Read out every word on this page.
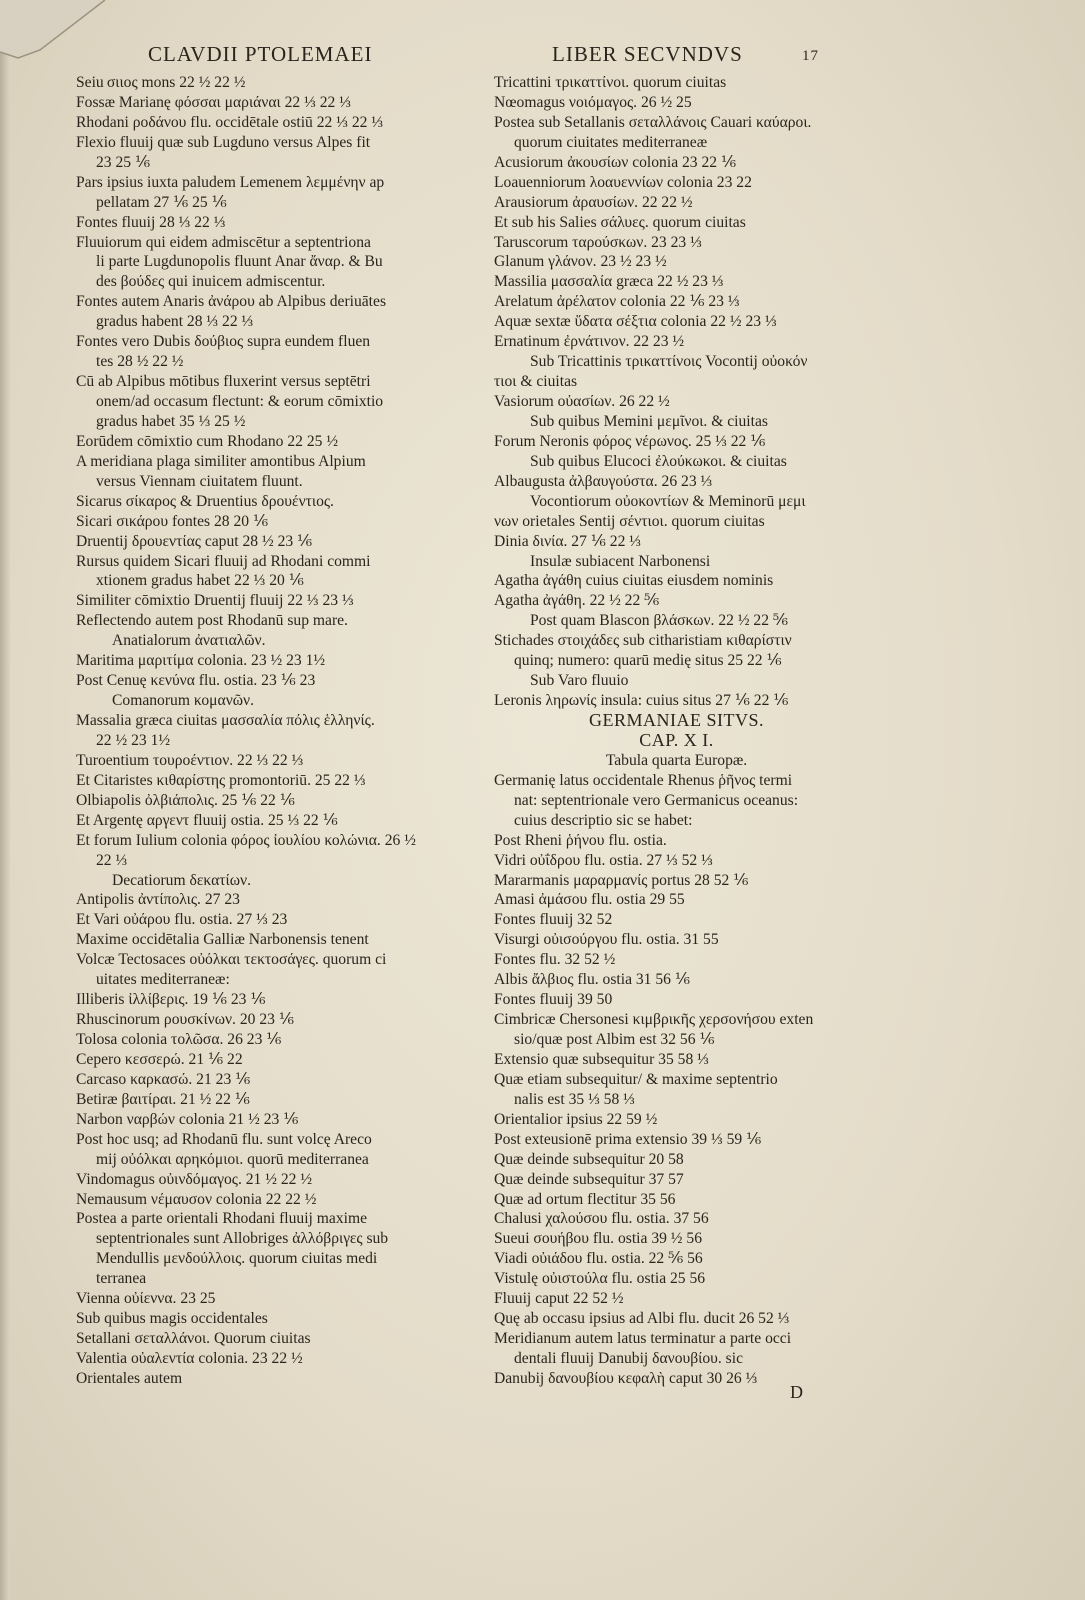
CLAVDII PTOLEMAEI	LIBER SECVNDVS	17
Seiu σιιος mons 22 ½ 22 ½
Fossæ Marianę φόσσαι μαριάναι 22 ⅓ 22 ⅓
Rhodani ροδάνου flu. occidētale ostiū 22 ⅓ 22 ⅓
Flexio fluuij quæ sub Lugduno versus Alpes fit
23 25 ⅙
Pars ipsius iuxta paludem Lemenem λεμμένην ap
pellatam 27 ⅙ 25 ⅙
Fontes fluuij 28 ⅓ 22 ⅓
Fluuiorum qui eidem admiscētur a septentriona
li parte Lugdunopolis fluunt Anar ἄναρ. & Bu
des βούδες qui inuicem admiscentur.
Fontes autem Anaris ἀνάρου ab Alpibus deriuātes
gradus habent 28 ⅓ 22 ⅓
Fontes vero Dubis δούβιος supra eundem fluen
tes 28 ½ 22 ½
Cū ab Alpibus mōtibus fluxerint versus septētri
onem/ad occasum flectunt: & eorum cōmixtio
gradus habet 35 ⅓ 25 ½
Eorūdem cōmixtio cum Rhodano 22 25 ½
A meridiana plaga similiter amontibus Alpium
versus Viennam ciuitatem fluunt.
Sicarus σίκαρος & Druentius δρουέντιος.
Sicari σικάρου fontes 28 20 ⅙
Druentij δρουεντίας caput 28 ½ 23 ⅙
Rursus quidem Sicari fluuij ad Rhodani commi
xtionem gradus habet 22 ⅓ 20 ⅙
Similiter cōmixtio Druentij fluuij 22 ⅓ 23 ⅓
Reflectendo autem post Rhodanū sup mare.
Anatialorum ἀνατιαλῶν.
Maritima μαριτίμα colonia. 23 ½ 23 1½
Post Cenuę κενύνα flu. ostia. 23 ⅙ 23
Comanorum κομανῶν.
Massalia græca ciuitas μασσαλία πόλις ἑλληνίς.
22 ½ 23 1½
Turoentium τουροέντιον. 22 ⅓ 22 ⅓
Et Citaristes κιθαρίστης promontoriū. 25 22 ⅓
Olbiapolis ὀλβιάπολις. 25 ⅙ 22 ⅙
Et Argentę αργεντ fluuij ostia. 25 ⅓ 22 ⅙
Et forum Iulium colonia φόρος ἰουλίου κολώνια. 26 ½
22 ⅓
Decatiorum δεκατίων.
Antipolis ἀντίπολις. 27 23
Et Vari οὐάρου flu. ostia. 27 ⅓ 23
Maxime occidētalia Galliæ Narbonensis tenent
Volcæ Tectosaces οὐόλκαι τεκτοσάγες. quorum ci
uitates mediterraneæ:
Illiberis ἰλλίβερις. 19 ⅙ 23 ⅙
Rhuscinorum ρουσκίνων. 20 23 ⅙
Tolosa colonia τολῶσα. 26 23 ⅙
Cepero κεσσερώ. 21 ⅙ 22
Carcaso καρκασώ. 21 23 ⅙
Betiræ βαιτίραι. 21 ½ 22 ⅙
Narbon ναρβών colonia 21 ½ 23 ⅙
Post hoc usq; ad Rhodanū flu. sunt volcę Areco
mij οὐόλκαι αρηκόμιοι. quorū mediterranea
Vindomagus οὐινδόμαγος. 21 ½ 22 ½
Nemausum νέμαυσον colonia 22 22 ½
Postea a parte orientali Rhodani fluuij maxime
septentrionales sunt Allobriges ἀλλόβριγες sub
Mendullis μενδούλλοις. quorum ciuitas medi
terranea
Vienna οὐίεννα. 23 25
Sub quibus magis occidentales
Setallani σεταλλάνοι. Quorum ciuitas
Valentia οὐαλεντία colonia. 23 22 ½
Orientales autem
Tricattini τρικαττίνοι. quorum ciuitas
Nœomagus νοιόμαγος. 26 ½ 25
Postea sub Setallanis σεταλλάνοις Cauari καύαροι.
quorum ciuitates mediterraneæ
Acusiorum ἀκουσίων colonia 23 22 ⅙
Loauenniorum λοαυεννίων colonia 23 22
Arausiorum ἀραυσίων. 22 22 ½
Et sub his Salies σάλυες. quorum ciuitas
Taruscorum ταρούσκων. 23 23 ⅓
Glanum γλάνον. 23 ½ 23 ½
Massilia μασσαλία græca 22 ½ 23 ⅓
Arelatum ἀρέλατον colonia 22 ⅙ 23 ⅓
Aquæ sextæ ὕδατα σέξτια colonia 22 ½ 23 ⅓
Ernatinum ἐρνάτινον. 22 23 ½
Sub Tricattinis τρικαττίνοις Vocontij οὐοκόν
τιοι & ciuitas
Vasiorum οὐασίων. 26 22 ½
Sub quibus Memini μεμῖνοι. & ciuitas
Forum Neronis φόρος νέρωνος. 25 ⅓ 22 ⅙
Sub quibus Elucoci ἐλούκωκοι. & ciuitas
Albaugusta ἀλβαυγούστα. 26 23 ⅓
Vocontiorum οὐοκοντίων & Meminorū μεμι
νων orietales Sentij σέντιοι. quorum ciuitas
Dinia δινία. 27 ⅙ 22 ⅓
Insulæ subiacent Narbonensi
Agatha ἀγάθη cuius ciuitas eiusdem nominis
Agatha ἀγάθη. 22 ½ 22 ⅚
Post quam Blascon βλάσκων. 22 ½ 22 ⅚
Stichades στοιχάδες sub citharistiam κιθαρίστιν
quinq; numero: quarū medię situs 25 22 ⅙
Sub Varo fluuio
Leronis ληρωνίς insula: cuius situs 27 ⅙ 22 ⅙
GERMANIAE SITVS.
CAP. X I.
Tabula quarta Europæ.
Germanię latus occidentale Rhenus ῥῆνος termi
nat: septentrionale vero Germanicus oceanus:
cuius descriptio sic se habet:
Post Rheni ῥήνου flu. ostia.
Vidri οὐΐδρου flu. ostia. 27 ⅓ 52 ⅓
Mararmanis μαραρμανίς portus 28 52 ⅙
Amasi ἀμάσου flu. ostia 29 55
Fontes fluuij 32 52
Visurgi οὐισούργου flu. ostia. 31 55
Fontes flu. 32 52 ½
Albis ἄλβιος flu. ostia 31 56 ⅙
Fontes fluuij 39 50
Cimbricæ Chersonesi κιμβρικῆς χερσονήσου exten
sio/quæ post Albim est 32 56 ⅙
Extensio quæ subsequitur 35 58 ⅓
Quæ etiam subsequitur/ & maxime septentrio
nalis est 35 ⅓ 58 ⅓
Orientalior ipsius 22 59 ½
Post exteusionē prima extensio 39 ⅓ 59 ⅙
Quæ deinde subsequitur 20 58
Quæ deinde subsequitur 37 57
Quæ ad ortum flectitur 35 56
Chalusi χαλούσου flu. ostia. 37 56
Sueui σουήβου flu. ostia 39 ½ 56
Viadi οὐιάδου flu. ostia. 22 ⅚ 56
Vistulę οὐιστούλα flu. ostia 25 56
Fluuij caput 22 52 ½
Quę ab occasu ipsius ad Albi flu. ducit 26 52 ⅓
Meridianum autem latus terminatur a parte occi
dentali fluuij Danubij δανουβίου. sic
Danubij δανουβίου κεφαλὴ caput 30 26 ⅓
D
